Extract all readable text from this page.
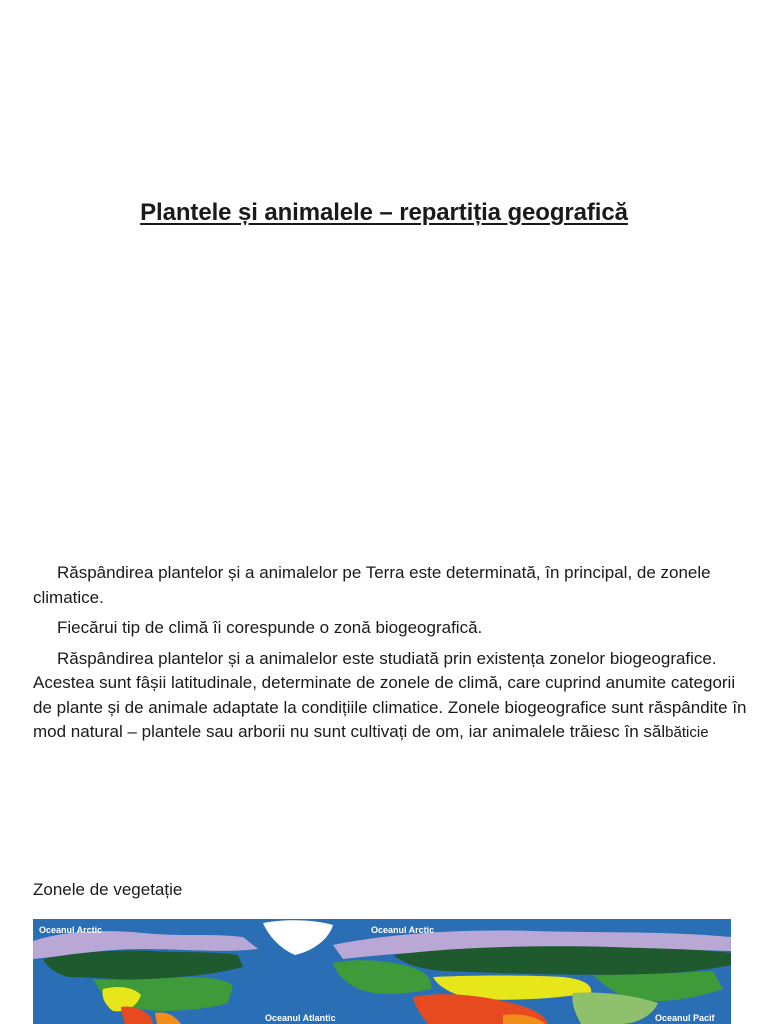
Plantele și animalele – repartiția geografică

Răspândirea plantelor și a animalelor pe Terra este determinată, în principal, de zonele climatice.

Fiecărui tip de climă îi corespunde o zonă biogeografică.

Răspândirea plantelor și a animalelor este studiată prin existența zonelor biogeografice. Acestea sunt fâșii latitudinale, determinate de zonele de climă, care cuprind anumite categorii de plante și de animale adaptate la condițiile climatice. Zonele biogeografice sunt răspândite în mod natural – plantele sau arborii nu sunt cultivați de om, iar animalele trăiesc în sălbăticie

Zonele de vegetație

Oceanul Arctic	Oceanul Arctic
Oceanul Atlantic	Oceanul Pacif
